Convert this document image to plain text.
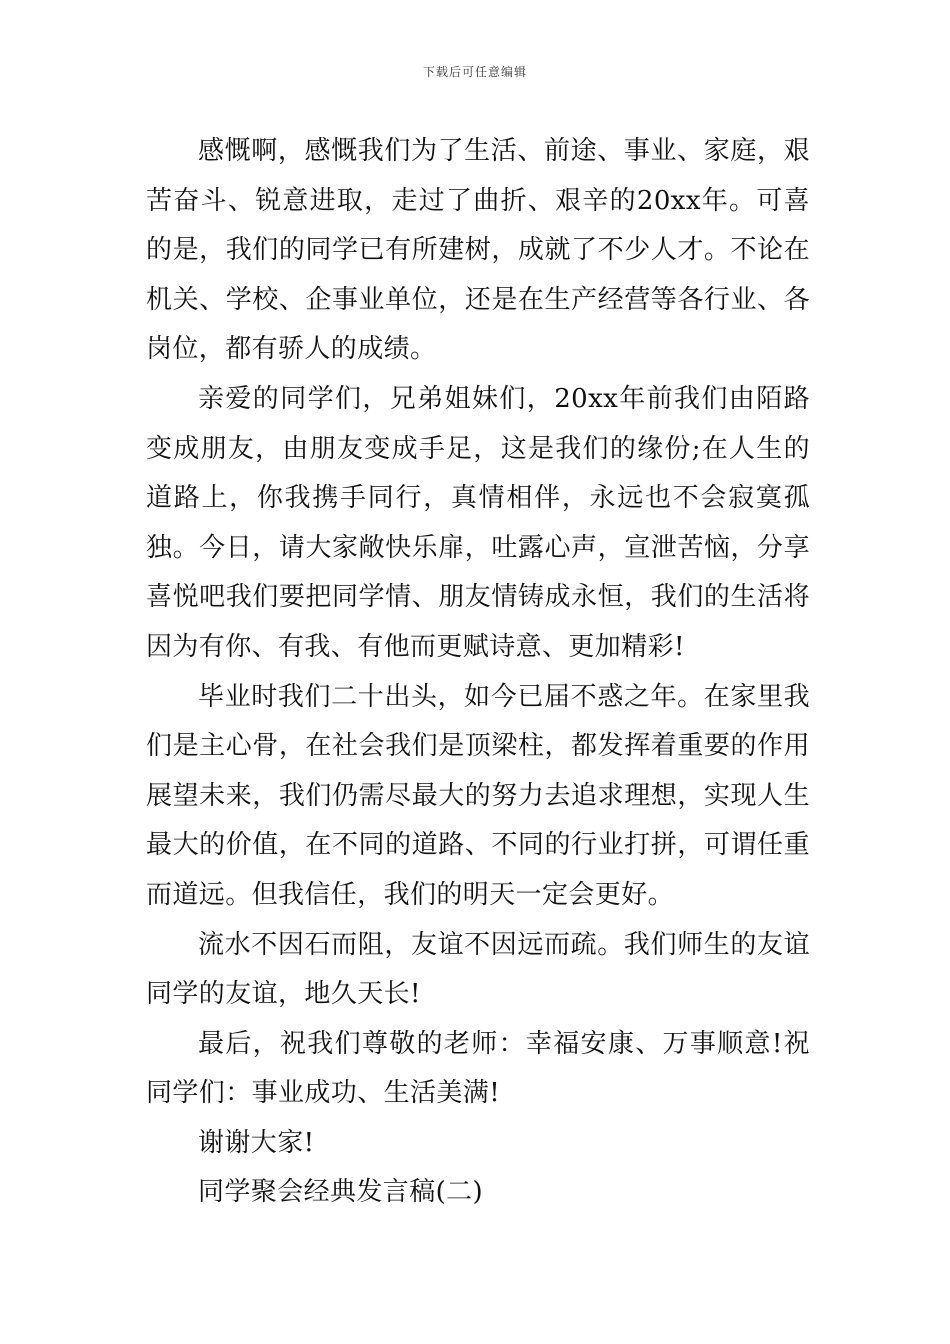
下载后可任意编辑

感慨啊，感慨我们为了生活、前途、事业、家庭，艰苦奋斗、锐意进取，走过了曲折、艰辛的20xx年。可喜的是，我们的同学已有所建树，成就了不少人才。不论在机关、学校、企事业单位，还是在生产经营等各行业、各岗位，都有骄人的成绩。

亲爱的同学们，兄弟姐妹们，20xx年前我们由陌路变成朋友，由朋友变成手足，这是我们的缘份;在人生的道路上，你我携手同行，真情相伴，永远也不会寂寞孤独。今日，请大家敞快乐扉，吐露心声，宣泄苦恼，分享喜悦吧我们要把同学情、朋友情铸成永恒，我们的生活将因为有你、有我、有他而更赋诗意、更加精彩!

毕业时我们二十出头，如今已届不惑之年。在家里我们是主心骨，在社会我们是顶梁柱，都发挥着重要的作用展望未来，我们仍需尽最大的努力去追求理想，实现人生最大的价值，在不同的道路、不同的行业打拼，可谓任重而道远。但我信任，我们的明天一定会更好。

流水不因石而阻，友谊不因远而疏。我们师生的友谊同学的友谊，地久天长!

最后，祝我们尊敬的老师：幸福安康、万事顺意!祝同学们：事业成功、生活美满!

谢谢大家!

同学聚会经典发言稿(二)
